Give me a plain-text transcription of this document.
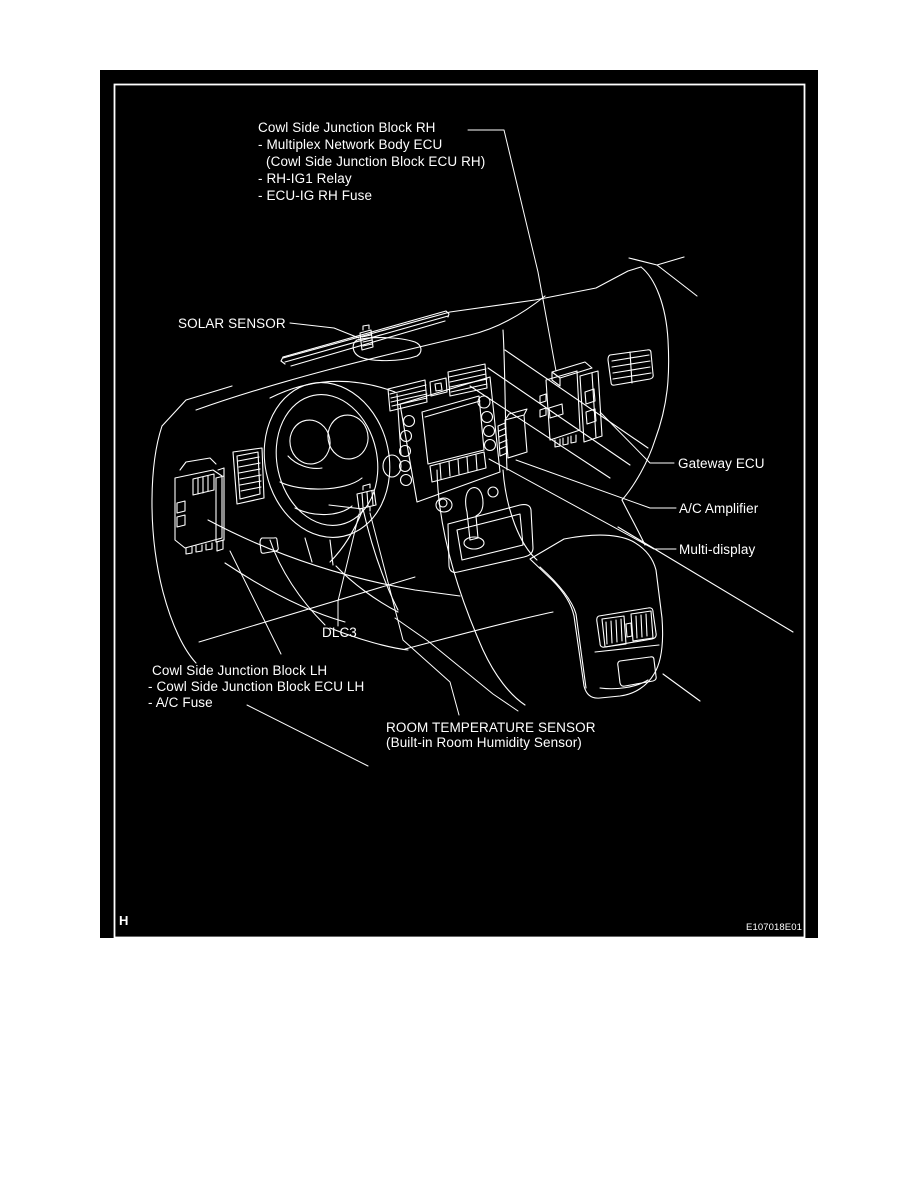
Cowl Side Junction Block RH
- Multiplex Network Body ECU
(Cowl Side Junction Block ECU RH)
- RH-IG1 Relay
- ECU-IG RH Fuse
SOLAR SENSOR
Gateway ECU
A/C Amplifier
Multi-display
DLC3
Cowl Side Junction Block LH
- Cowl Side Junction Block ECU LH
- A/C Fuse
ROOM TEMPERATURE SENSOR
(Built-in Room Humidity Sensor)
H	E107018E01
